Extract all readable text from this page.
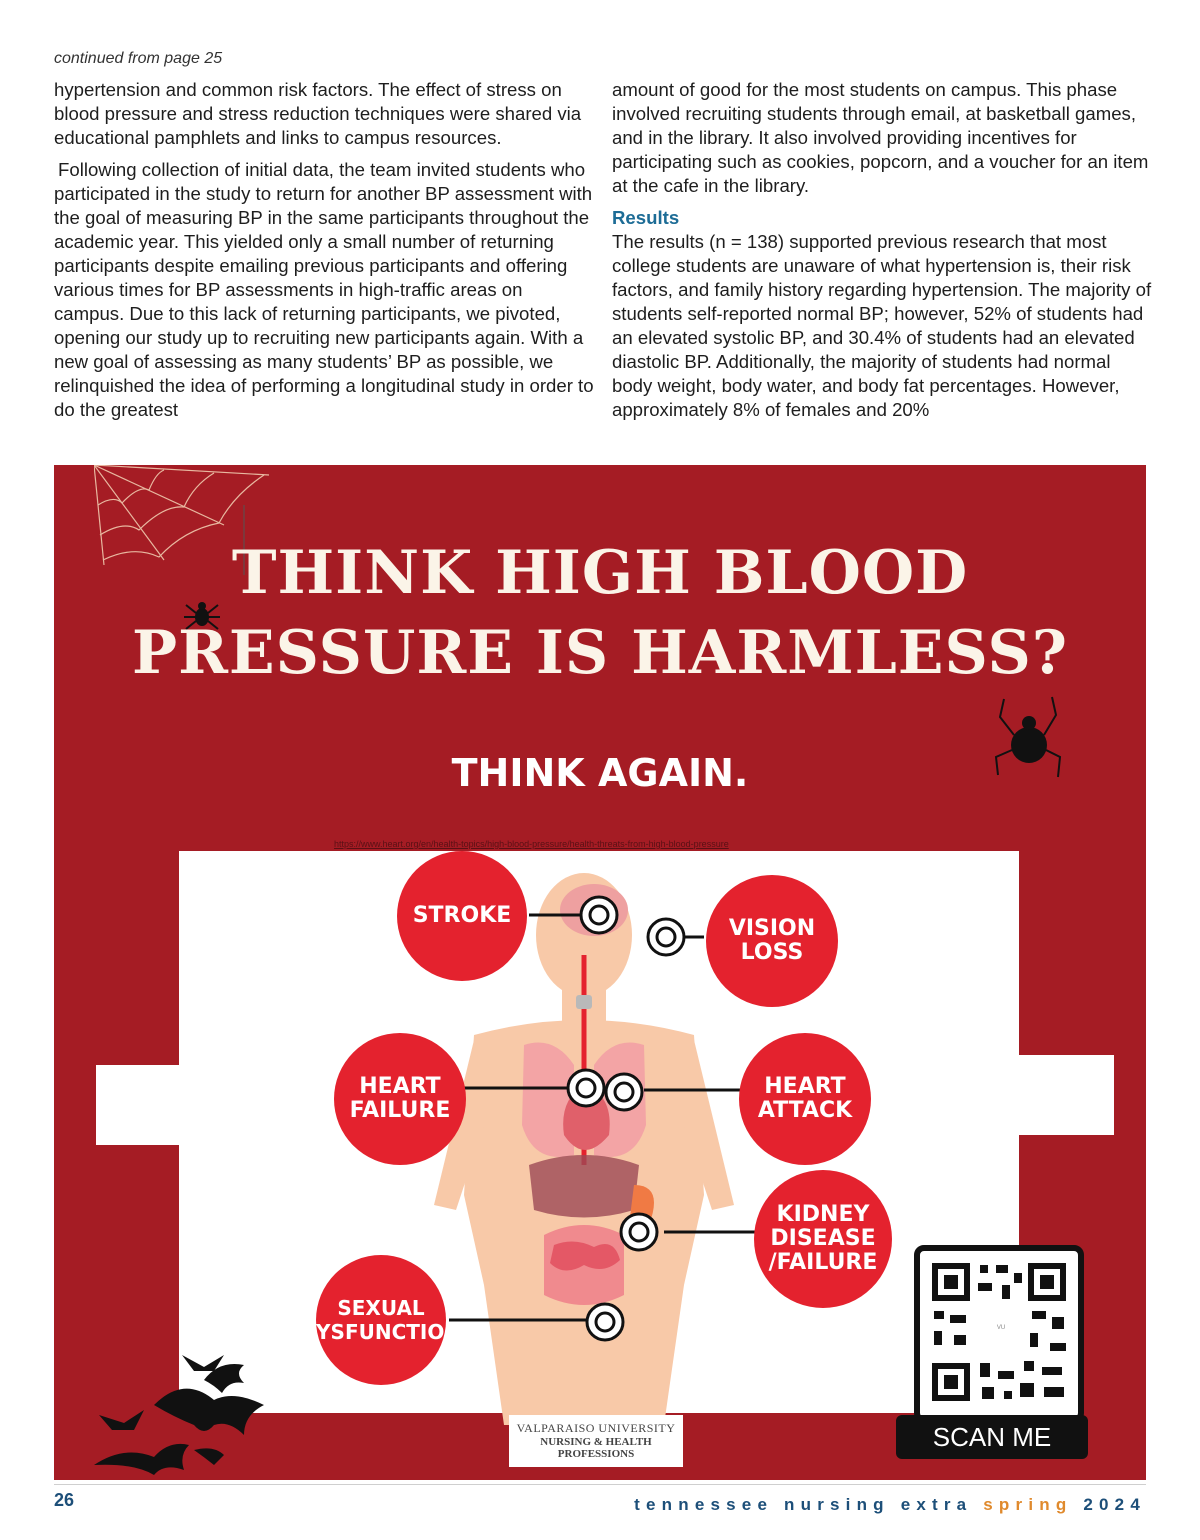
continued from page 25

hypertension and common risk factors. The effect of stress on blood pressure and stress reduction techniques were shared via educational pamphlets and links to campus resources.

Following collection of initial data, the team invited students who participated in the study to return for another BP assessment with the goal of measuring BP in the same participants throughout the academic year. This yielded only a small number of returning participants despite emailing previous participants and offering various times for BP assessments in high-traffic areas on campus. Due to this lack of returning participants, we pivoted, opening our study up to recruiting new participants again. With a new goal of assessing as many students’ BP as possible, we relinquished the idea of performing a longitudinal study in order to do the greatest

amount of good for the most students on campus. This phase involved recruiting students through email, at basketball games, and in the library. It also involved providing incentives for participating such as cookies, popcorn, and a voucher for an item at the cafe in the library.

Results

The results (n = 138) supported previous research that most college students are unaware of what hypertension is, their risk factors, and family history regarding hypertension. The majority of students self-reported normal BP; however, 52% of students had an elevated systolic BP, and 30.4% of students had an elevated diastolic BP. Additionally, the majority of students had normal body weight, body water, and body fat percentages. However, approximately 8% of females and 20%

THINK HIGH BLOOD
PRESSURE IS HARMLESS?
THINK AGAIN.
https://www.heart.org/en/health-topics/high-blood-pressure/health-threats-from-high-blood-pressure
STROKE
VISION
LOSS
HEART
FAILURE
HEART
ATTACK
KIDNEY
DISEASE
/FAILURE
SEXUAL
DYSFUNCTION	VU
SCAN ME
VALPARAISO UNIVERSITY
NURSING & HEALTH
PROFESSIONS
26	tennessee nursing extra spring 2024
